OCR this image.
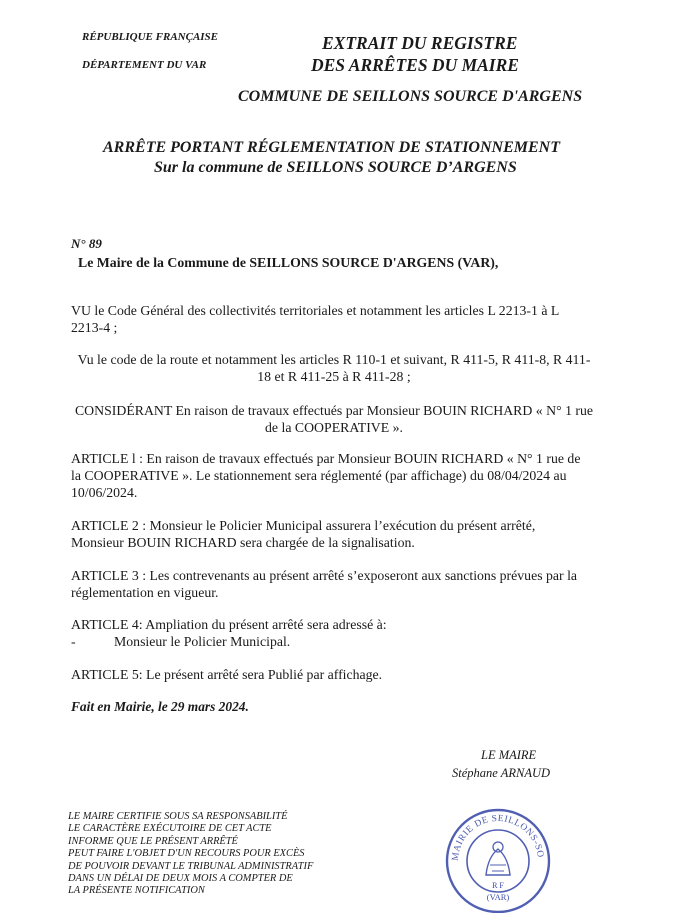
RÉPUBLIQUE FRANÇAISE
DÉPARTEMENT DU VAR
EXTRAIT DU REGISTRE
DES ARRÊTES DU MAIRE
COMMUNE DE SEILLONS SOURCE D'ARGENS
ARRÊTE PORTANT RÉGLEMENTATION DE STATIONNEMENT
Sur la commune de SEILLONS SOURCE D’ARGENS
N° 89
Le Maire de la Commune de SEILLONS SOURCE D'ARGENS (VAR),
VU le Code Général des collectivités territoriales et notamment les articles L 2213-1 à L
2213-4 ;
Vu le code de la route et notamment les articles R 110-1 et suivant, R 411-5, R 411-8, R 411-
18 et R 411-25 à R 411-28 ;
CONSIDÉRANT En raison de travaux effectués par Monsieur BOUIN RICHARD « N° 1 rue
de la COOPERATIVE ».
ARTICLE l : En raison de travaux effectués par Monsieur BOUIN RICHARD « N° 1 rue de
la COOPERATIVE ». Le stationnement sera réglementé (par affichage) du 08/04/2024 au
10/06/2024.
ARTICLE 2 : Monsieur le Policier Municipal assurera l’exécution du présent arrêté,
Monsieur BOUIN RICHARD sera chargée de la signalisation.
ARTICLE 3 : Les contrevenants au présent arrêté s’exposeront aux sanctions prévues par la
réglementation en vigueur.
ARTICLE 4: Ampliation du présent arrêté sera adressé à:
-	Monsieur le Policier Municipal.
ARTICLE 5: Le présent arrêté sera Publié par affichage.
Fait en Mairie, le 29 mars 2024.
LE MAIRE
Stéphane ARNAUD
LE MAIRE CERTIFIE SOUS SA RESPONSABILITÉ
LE CARACTÈRE EXÉCUTOIRE DE CET ACTE
INFORME QUE LE PRÉSENT ARRÊTÉ
PEUT FAIRE L'OBJET D'UN RECOURS POUR EXCÈS
DE POUVOIR DEVANT LE TRIBUNAL ADMINISTRATIF
DANS UN DÉLAI DE DEUX MOIS A COMPTER DE
LA PRÉSENTE NOTIFICATION
MAIRIE DE SEILLONS-SO
R F
(VAR)
